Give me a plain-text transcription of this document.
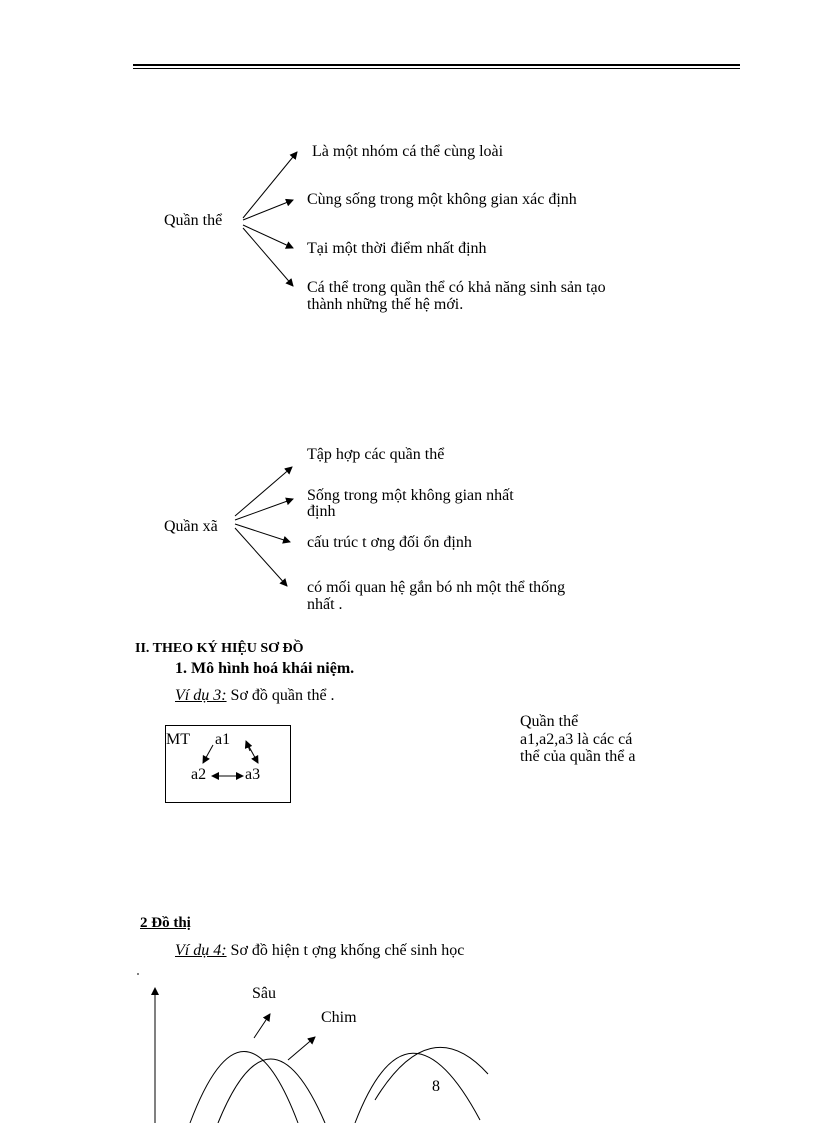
Quần thể
Là một nhóm cá thể cùng loài
Cùng sống trong một không gian xác định
Tại một thời điểm nhất định
Cá thể trong quần thể có khả năng sinh sản tạo
thành những thế hệ mới.
Quần xã
Tập hợp các quần thể
Sống trong một không gian nhất
định
cấu trúc t ơng đối ổn định
có mối quan hệ gắn bó nh một thể thống
nhất .
II. THEO KÝ HIỆU SƠ ĐỒ
1. Mô hình hoá khái niệm.
Ví dụ 3: Sơ đồ quần thể .
MT a1
a2 a3
Quần thể
a1,a2,a3 là các cá
thể của quần thể a
2 Đồ thị
Ví dụ 4: Sơ đồ hiện t ợng khống chế sinh học
Sâu
Chim
8
